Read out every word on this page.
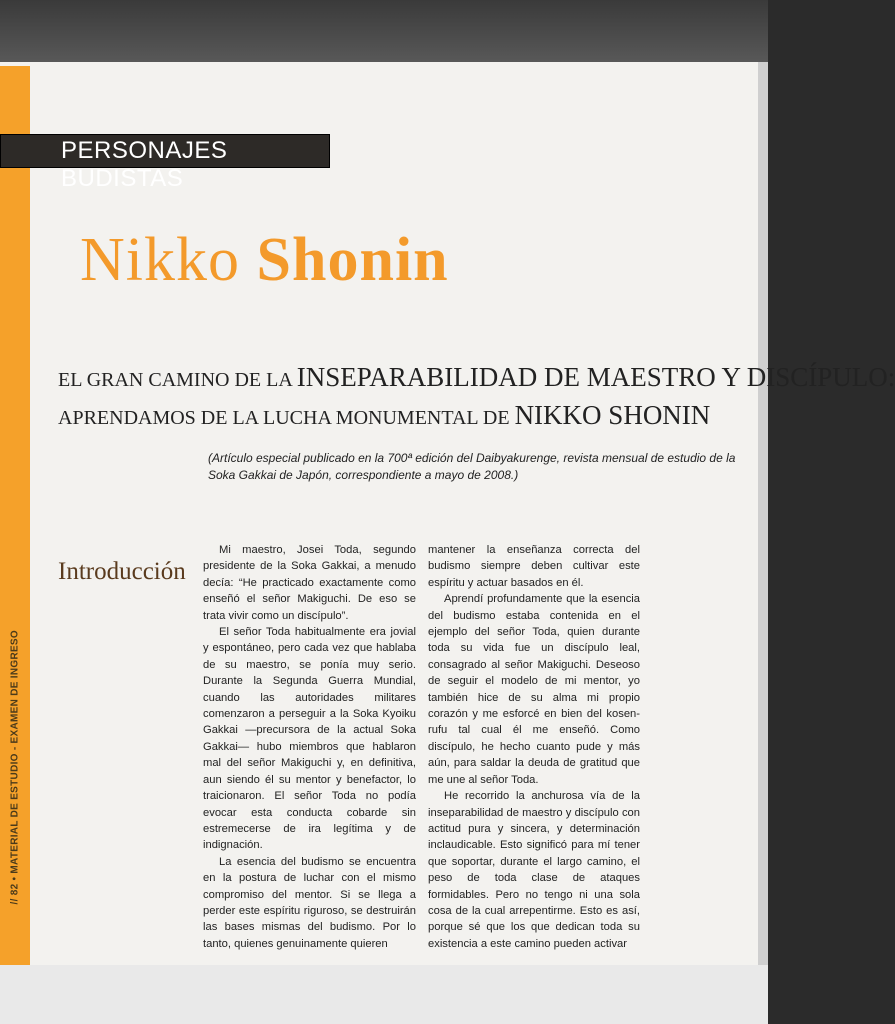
// 82 • MATERIAL DE ESTUDIO - EXAMEN DE INGRESO
PERSONAJES BUDISTAS
Nikko Shonin
EL GRAN CAMINO DE LA INSEPARABILIDAD DE MAESTRO Y DISCÍPULO:
APRENDAMOS DE LA LUCHA MONUMENTAL DE NIKKO SHONIN
(Artículo especial publicado en la 700ª edición del Daibyakurenge, revista mensual de estudio de la Soka Gakkai de Japón, correspondiente a mayo de 2008.)
Introducción

Mi maestro, Josei Toda, segundo presidente de la Soka Gakkai, a menudo decía: “He practicado exactamente como enseñó el señor Makiguchi. De eso se trata vivir como un discípulo”.

El señor Toda habitualmente era jovial y espontáneo, pero cada vez que hablaba de su maestro, se ponía muy serio. Durante la Segunda Guerra Mundial, cuando las autoridades militares comenzaron a perseguir a la Soka Kyoiku Gakkai —precursora de la actual Soka Gakkai— hubo miembros que hablaron mal del señor Makiguchi y, en definitiva, aun siendo él su mentor y benefactor, lo traicionaron. El señor Toda no podía evocar esta conducta cobarde sin estremecerse de ira legítima y de indignación.

La esencia del budismo se encuentra en la postura de luchar con el mismo compromiso del mentor. Si se llega a perder este espíritu riguroso, se destruirán las bases mismas del budismo. Por lo tanto, quienes genuinamente quieren

mantener la enseñanza correcta del budismo siempre deben cultivar este espíritu y actuar basados en él.

Aprendí profundamente que la esencia del budismo estaba contenida en el ejemplo del señor Toda, quien durante toda su vida fue un discípulo leal, consagrado al señor Makiguchi. Deseoso de seguir el modelo de mi mentor, yo también hice de su alma mi propio corazón y me esforcé en bien del kosen-rufu tal cual él me enseñó. Como discípulo, he hecho cuanto pude y más aún, para saldar la deuda de gratitud que me une al señor Toda.

He recorrido la anchurosa vía de la inseparabilidad de maestro y discípulo con actitud pura y sincera, y determinación inclaudicable. Esto significó para mí tener que soportar, durante el largo camino, el peso de toda clase de ataques formidables. Pero no tengo ni una sola cosa de la cual arrepentirme. Esto es así, porque sé que los que dedican toda su existencia a este camino pueden activar
